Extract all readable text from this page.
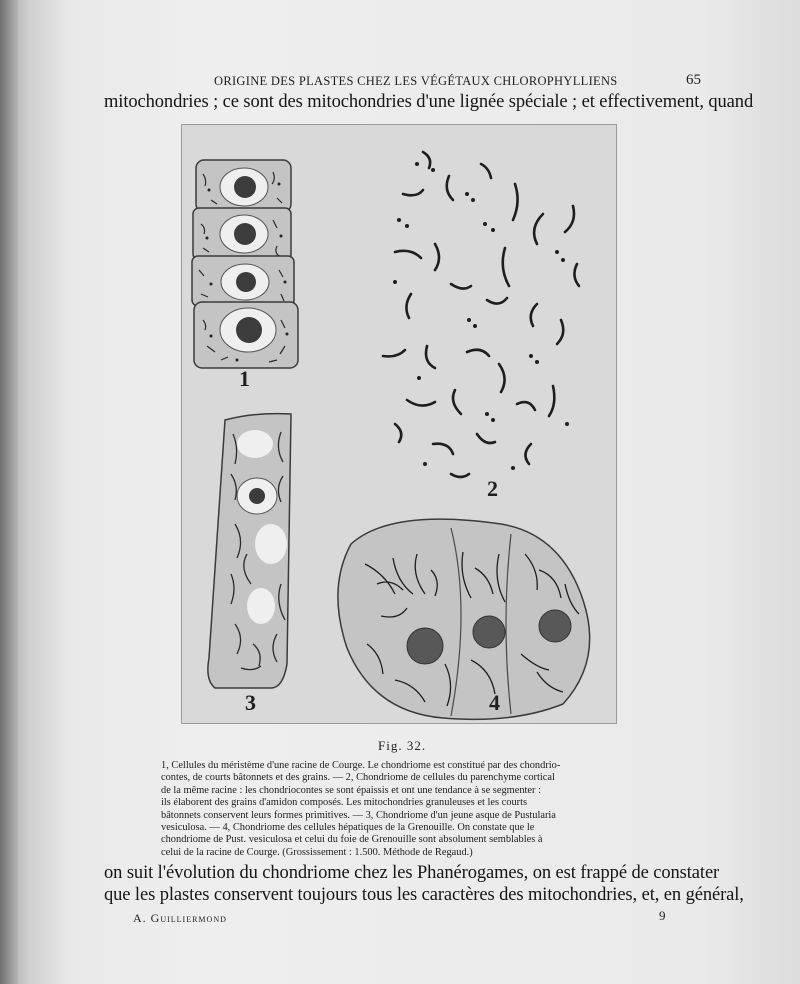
ORIGINE DES PLASTES CHEZ LES VÉGÉTAUX CHLOROPHYLLIENS	65
mitochondries ; ce sont des mitochondries d'une lignée spéciale ; et effectivement, quand
1
2
3	4
Fig. 32.

1, Cellules du méristème d'une racine de Courge. Le chondriome est constitué par des chondrio-

contes, de courts bâtonnets et des grains. — 2, Chondriome de cellules du parenchyme cortical

de la même racine : les chondriocontes se sont épaissis et ont une tendance à se segmenter :

ils élaborent des grains d'amidon composés. Les mitochondries granuleuses et les courts

bâtonnets conservent leurs formes primitives. — 3, Chondriome d'un jeune asque de Pustularia

vesiculosa. — 4, Chondriome des cellules hépatiques de la Grenouille. On constate que le

chondriome de Pust. vesiculosa et celui du foie de Grenouille sont absolument semblables à

celui de la racine de Courge. (Grossissement : 1.500. Méthode de Regaud.)

on suit l'évolution du chondriome chez les Phanérogames, on est frappé de constater
que les plastes conservent toujours tous les caractères des mitochondries, et, en général,
A. Guilliermond	9
